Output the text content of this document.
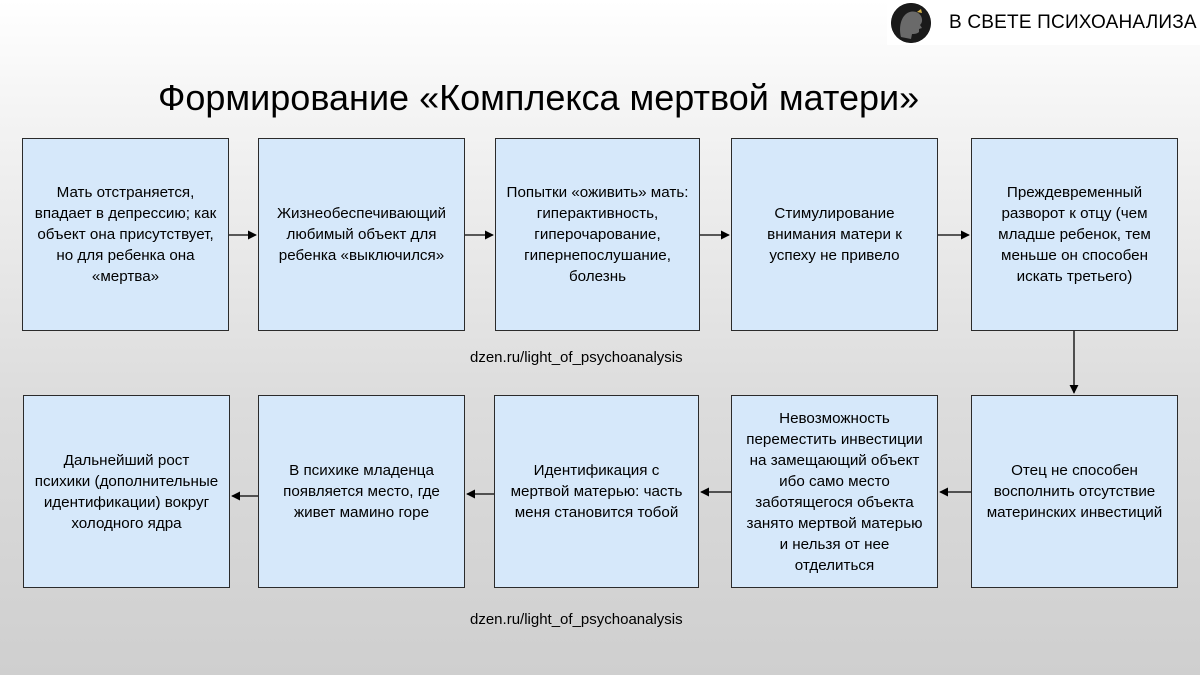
В СВЕТЕ ПСИХОАНАЛИЗА
Формирование «Комплекса мертвой матери»
Мать отстраняется, впадает в депрессию; как объект она присутствует, но для ребенка она «мертва»
Жизнеобеспечивающий любимый объект для ребенка «выключился»
Попытки «оживить» мать: гиперактивность, гиперочарование, гипернепослушание, болезнь
Стимулирование внимания матери к успеху не привело
Преждевременный разворот к отцу (чем младше ребенок, тем меньше он способен искать третьего)
dzen.ru/light_of_psychoanalysis
Отец не способен восполнить отсутствие материнских инвестиций
Невозможность переместить инвестиции на замещающий объект ибо само место заботящегося объекта занято мертвой матерью и нельзя от нее отделиться
Идентификация с мертвой матерью: часть меня становится тобой
В психике младенца появляется место, где живет мамино горе
Дальнейший рост психики (дополнительные идентификации) вокруг холодного ядра
dzen.ru/light_of_psychoanalysis
